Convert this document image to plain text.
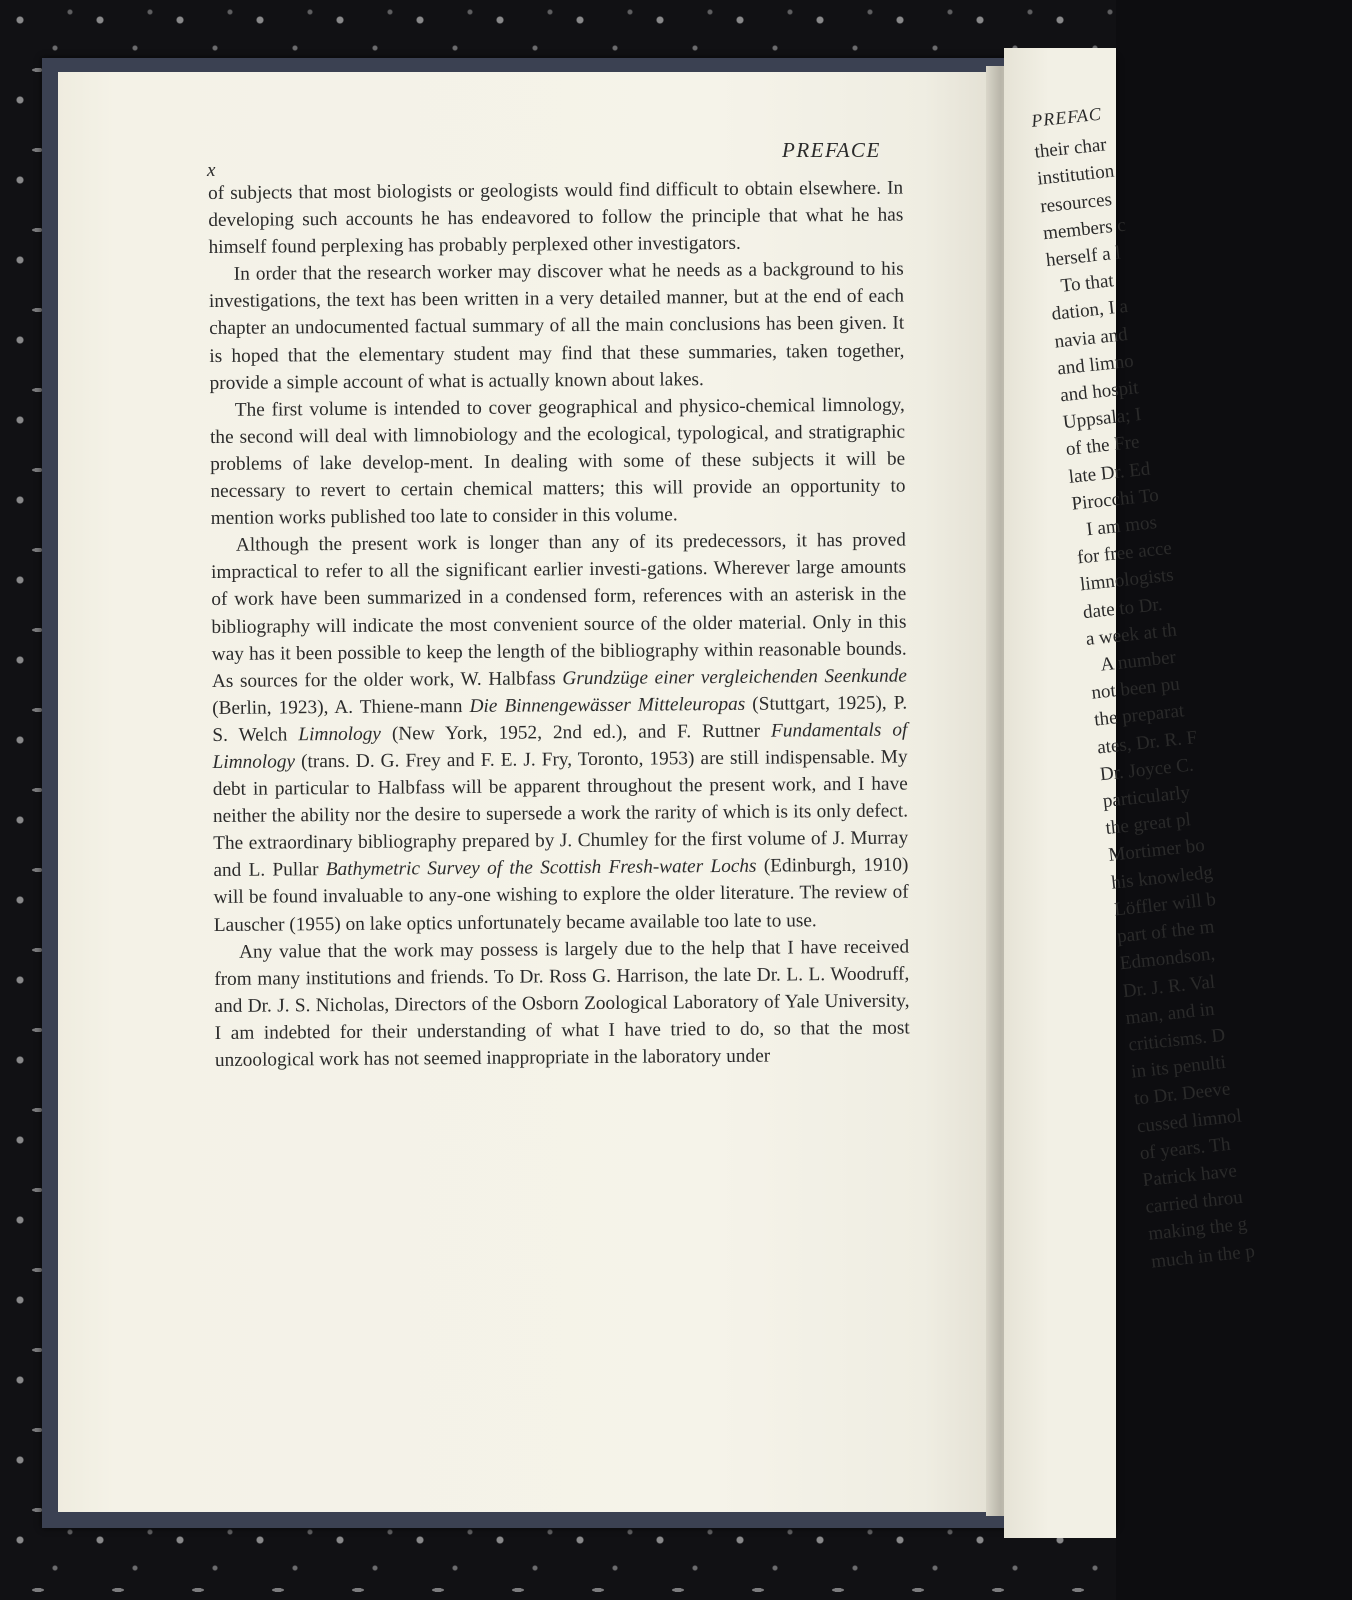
PREFAC
their char
institution
resources
members c
herself a l
To that
dation, I a
navia and
and limno
and hospit
Uppsala; I
of the Fre
late Dr. Ed
Pirocchi To
I am mos
for free acce
limnologists
date to Dr.
a week at th
A number
not been pu
the preparat
ates, Dr. R. F
Dr. Joyce C.
particularly
the great pl
Mortimer bo
his knowledg
Löffler will b
part of the m
Edmondson,
Dr. J. R. Val
man, and in
criticisms. D
in its penulti
to Dr. Deeve
cussed limnol
of years. Th
Patrick have
carried throu
making the g
much in the p
PREFACE
x

of subjects that most biologists or geologists would find difficult to obtain elsewhere. In developing such accounts he has endeavored to follow the principle that what he has himself found perplexing has probably perplexed other investigators.

In order that the research worker may discover what he needs as a background to his investigations, the text has been written in a very detailed manner, but at the end of each chapter an undocumented factual summary of all the main conclusions has been given. It is hoped that the elementary student may find that these summaries, taken together, provide a simple account of what is actually known about lakes.

The first volume is intended to cover geographical and physico-chemical limnology, the second will deal with limnobiology and the ecological, typological, and stratigraphic problems of lake develop-ment. In dealing with some of these subjects it will be necessary to revert to certain chemical matters; this will provide an opportunity to mention works published too late to consider in this volume.

Although the present work is longer than any of its predecessors, it has proved impractical to refer to all the significant earlier investi-gations. Wherever large amounts of work have been summarized in a condensed form, references with an asterisk in the bibliography will indicate the most convenient source of the older material. Only in this way has it been possible to keep the length of the bibliography within reasonable bounds. As sources for the older work, W. Halbfass Grundzüge einer vergleichenden Seenkunde (Berlin, 1923), A. Thiene-mann Die Binnengewässer Mitteleuropas (Stuttgart, 1925), P. S. Welch Limnology (New York, 1952, 2nd ed.), and F. Ruttner Fundamentals of Limnology (trans. D. G. Frey and F. E. J. Fry, Toronto, 1953) are still indispensable. My debt in particular to Halbfass will be apparent throughout the present work, and I have neither the ability nor the desire to supersede a work the rarity of which is its only defect. The extraordinary bibliography prepared by J. Chumley for the first volume of J. Murray and L. Pullar Bathymetric Survey of the Scottish Fresh-water Lochs (Edinburgh, 1910) will be found invaluable to any-one wishing to explore the older literature. The review of Lauscher (1955) on lake optics unfortunately became available too late to use.

Any value that the work may possess is largely due to the help that I have received from many institutions and friends. To Dr. Ross G. Harrison, the late Dr. L. L. Woodruff, and Dr. J. S. Nicholas, Directors of the Osborn Zoological Laboratory of Yale University, I am indebted for their understanding of what I have tried to do, so that the most unzoological work has not seemed inappropriate in the laboratory under
